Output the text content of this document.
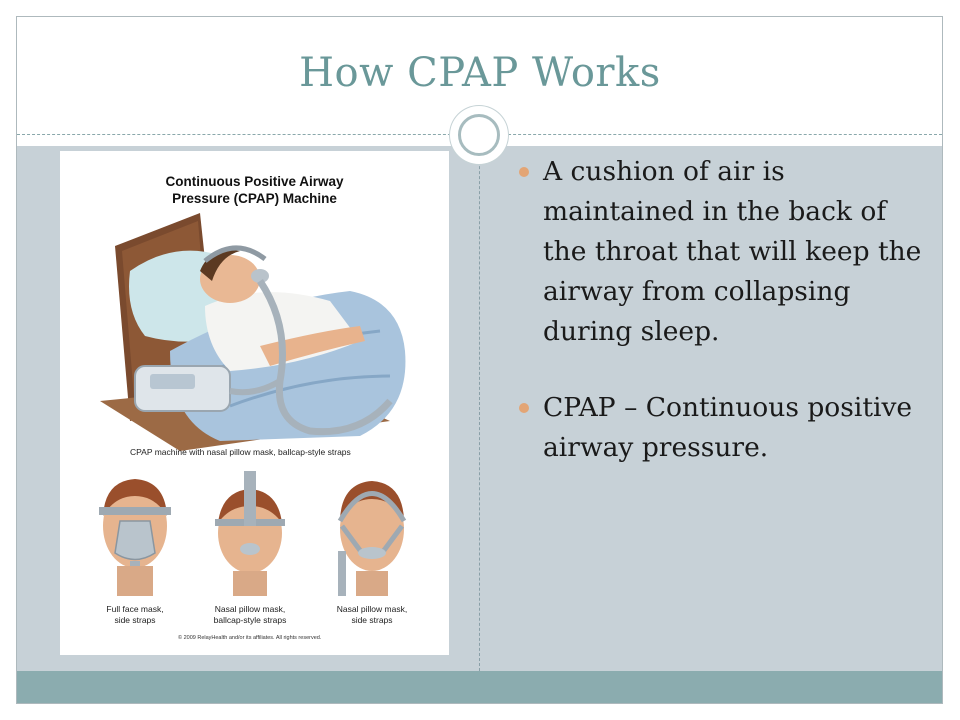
How CPAP Works
Continuous Positive Airway
Pressure (CPAP) Machine
CPAP machine with nasal pillow mask, ballcap-style straps
Full face mask,
side straps
Nasal pillow mask,
ballcap-style straps
Nasal pillow mask,
side straps
© 2009 RelayHealth and/or its affiliates. All rights reserved.
A cushion of air is maintained in the back of the throat that will keep the airway from collapsing during sleep.
CPAP – Continuous positive airway pressure.
